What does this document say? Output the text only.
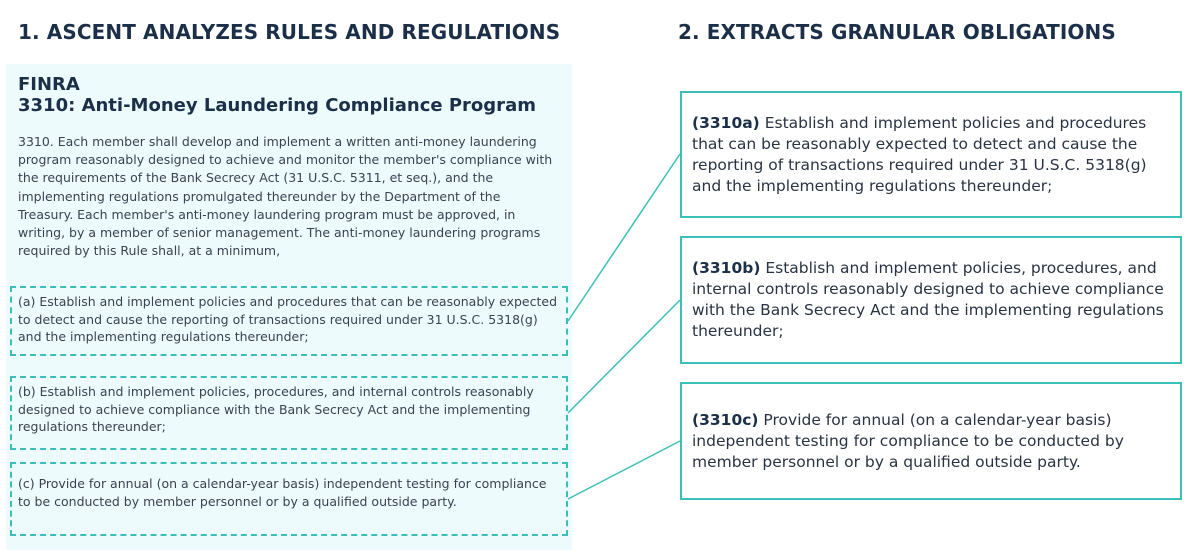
1. ASCENT ANALYZES RULES AND REGULATIONS	2. EXTRACTS GRANULAR OBLIGATIONS
FINRA
3310: Anti-Money Laundering Compliance Program

3310. Each member shall develop and implement a written anti-money laundering program reasonably designed to achieve and monitor the member's compliance with the requirements of the Bank Secrecy Act (31 U.S.C. 5311, et seq.), and the implementing regulations promulgated thereunder by the Department of the Treasury. Each member's anti-money laundering program must be approved, in writing, by a member of senior management. The anti-money laundering programs required by this Rule shall, at a minimum,

(a) Establish and implement policies and procedures that can be reasonably expected to detect and cause the reporting of transactions required under 31 U.S.C. 5318(g) and the implementing regulations thereunder;
(b) Establish and implement policies, procedures, and internal controls reasonably designed to achieve compliance with the Bank Secrecy Act and the implementing regulations thereunder;
(c) Provide for annual (on a calendar-year basis) independent testing for compliance to be conducted by member personnel or by a qualified outside party.
(3310a) Establish and implement policies and procedures that can be reasonably expected to detect and cause the reporting of transactions required under 31 U.S.C. 5318(g) and the implementing regulations thereunder;
(3310b) Establish and implement policies, procedures, and internal controls reasonably designed to achieve compliance with the Bank Secrecy Act and the implementing regulations thereunder;
(3310c) Provide for annual (on a calendar-year basis) independent testing for compliance to be conducted by member personnel or by a qualified outside party.
